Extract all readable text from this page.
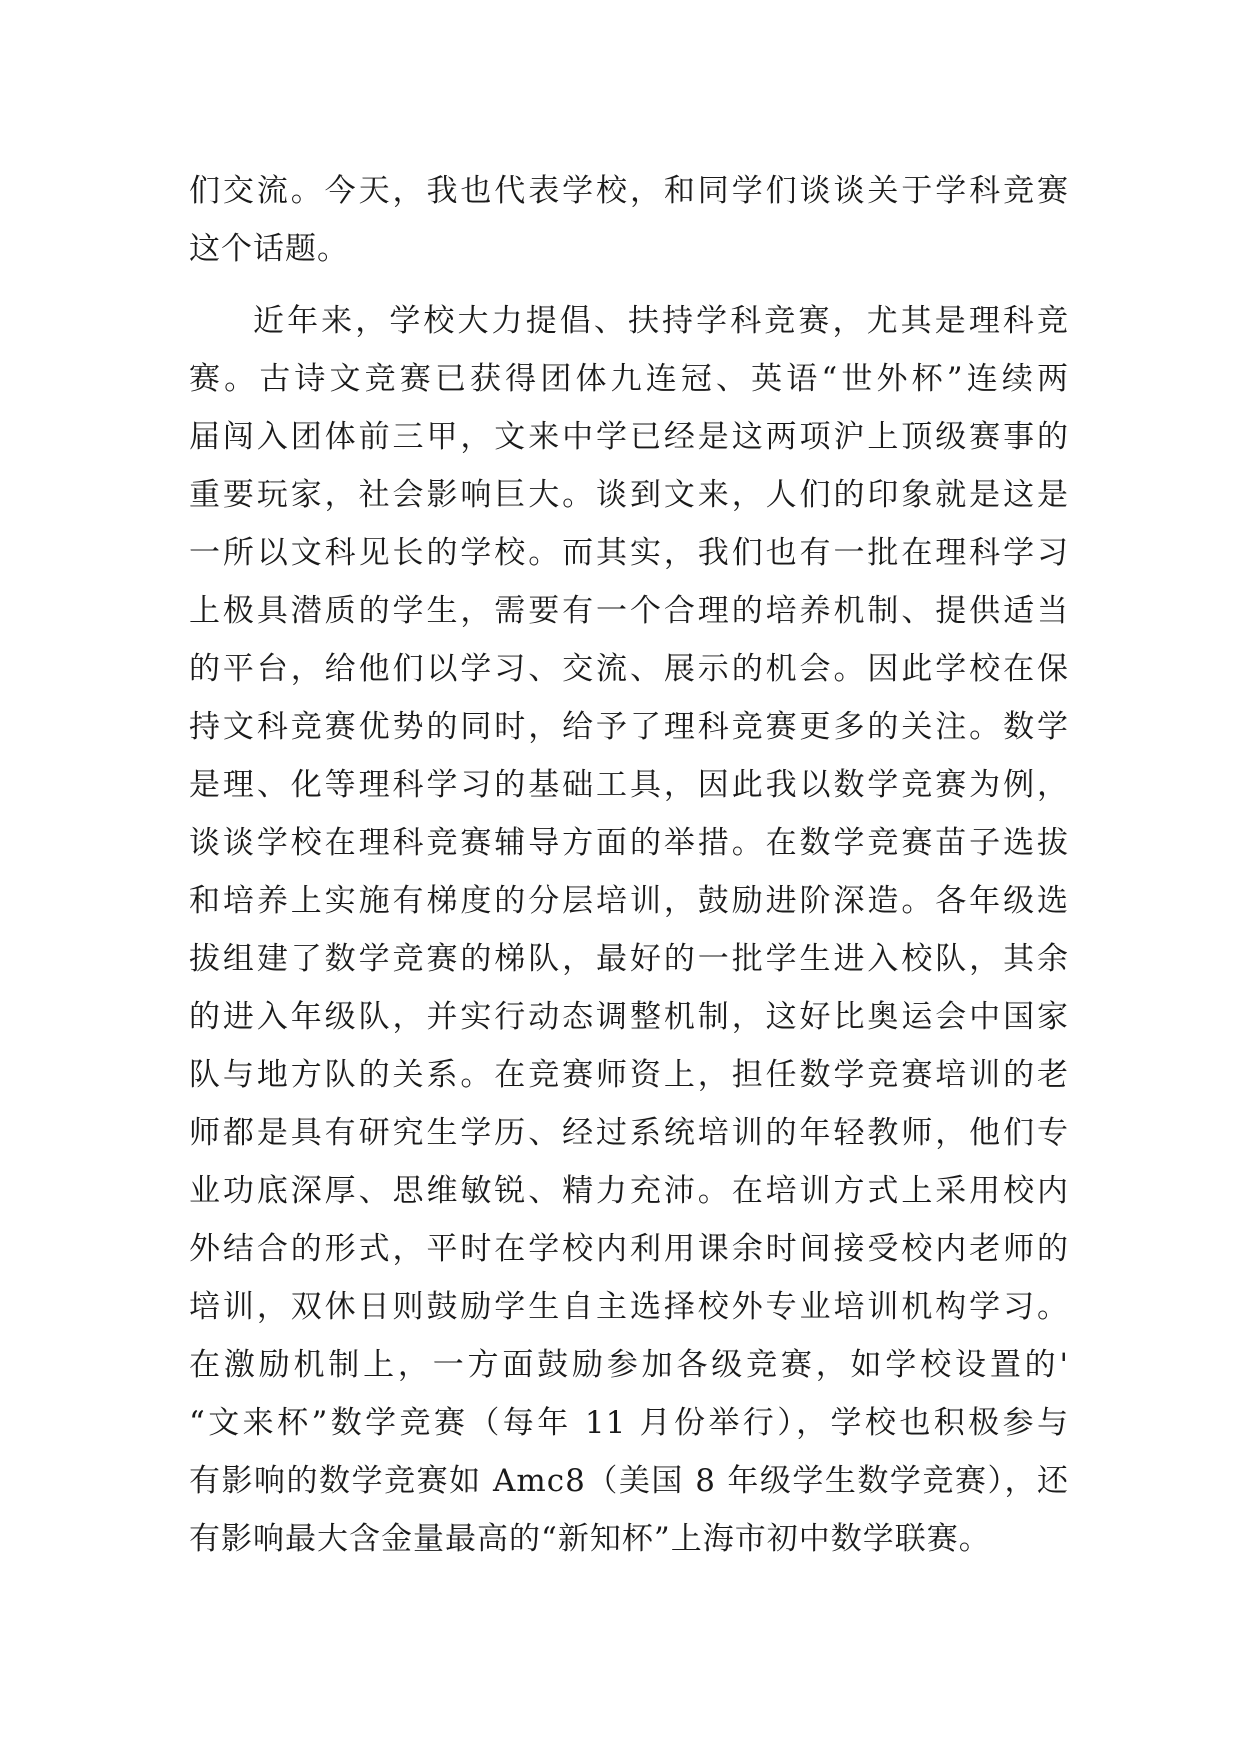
们交流。今天，我也代表学校，和同学们谈谈关于学科竞赛
这个话题。
近年来，学校大力提倡、扶持学科竞赛，尤其是理科竞
赛。古诗文竞赛已获得团体九连冠、英语“世外杯”连续两
届闯入团体前三甲，文来中学已经是这两项沪上顶级赛事的
重要玩家，社会影响巨大。谈到文来，人们的印象就是这是
一所以文科见长的学校。而其实，我们也有一批在理科学习
上极具潜质的学生，需要有一个合理的培养机制、提供适当
的平台，给他们以学习、交流、展示的机会。因此学校在保
持文科竞赛优势的同时，给予了理科竞赛更多的关注。数学
是理、化等理科学习的基础工具，因此我以数学竞赛为例，
谈谈学校在理科竞赛辅导方面的举措。在数学竞赛苗子选拔
和培养上实施有梯度的分层培训，鼓励进阶深造。各年级选
拔组建了数学竞赛的梯队，最好的一批学生进入校队，其余
的进入年级队，并实行动态调整机制，这好比奥运会中国家
队与地方队的关系。在竞赛师资上，担任数学竞赛培训的老
师都是具有研究生学历、经过系统培训的年轻教师，他们专
业功底深厚、思维敏锐、精力充沛。在培训方式上采用校内
外结合的形式，平时在学校内利用课余时间接受校内老师的
培训，双休日则鼓励学生自主选择校外专业培训机构学习。
在激励机制上，一方面鼓励参加各级竞赛，如学校设置的'
“文来杯”数学竞赛（每年 11 月份举行），学校也积极参与
有影响的数学竞赛如 Amc8（美国 8 年级学生数学竞赛），还
有影响最大含金量最高的“新知杯”上海市初中数学联赛。
